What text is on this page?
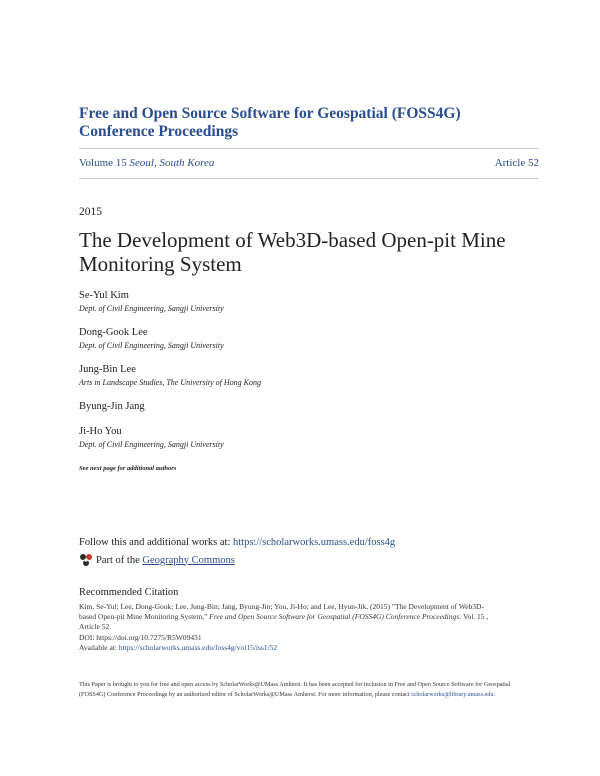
Free and Open Source Software for Geospatial (FOSS4G)
Conference Proceedings
Volume 15 Seoul, South Korea	Article 52
2015
The Development of Web3D-based Open-pit Mine Monitoring System
Se-Yul Kim
Dept. of Civil Engineering, Sangji University
Dong-Gook Lee
Dept. of Civil Engineering, Sangji University
Jung-Bin Lee
Arts in Landscape Studies, The University of Hong Kong
Byung-Jin Jang
Ji-Ho You
Dept. of Civil Engineering, Sangji University
See next page for additional authors
Follow this and additional works at: https://scholarworks.umass.edu/foss4g
Part of the
Geography Commons
Recommended Citation
Kim, Se-Yul; Lee, Dong-Gook; Lee, Jung-Bin; Jang, Byung-Jin; You, Ji-Ho; and Lee, Hyun-Jik, (2015) "The Development of Web3D-
based Open-pit Mine Monitoring System," Free and Open Source Software for Geospatial (FOSS4G) Conference Proceedings: Vol. 15 ,
Article 52.
DOI: https://doi.org/10.7275/R5W09431
Available at: https://scholarworks.umass.edu/foss4g/vol15/iss1/52
This Paper is brought to you for free and open access by ScholarWorks@UMass Amherst. It has been accepted for inclusion in Free and Open Source Software for Geospatial (FOSS4G) Conference Proceedings by an authorized editor of ScholarWorks@UMass Amherst. For more information, please contact scholarworks@library.umass.edu.
